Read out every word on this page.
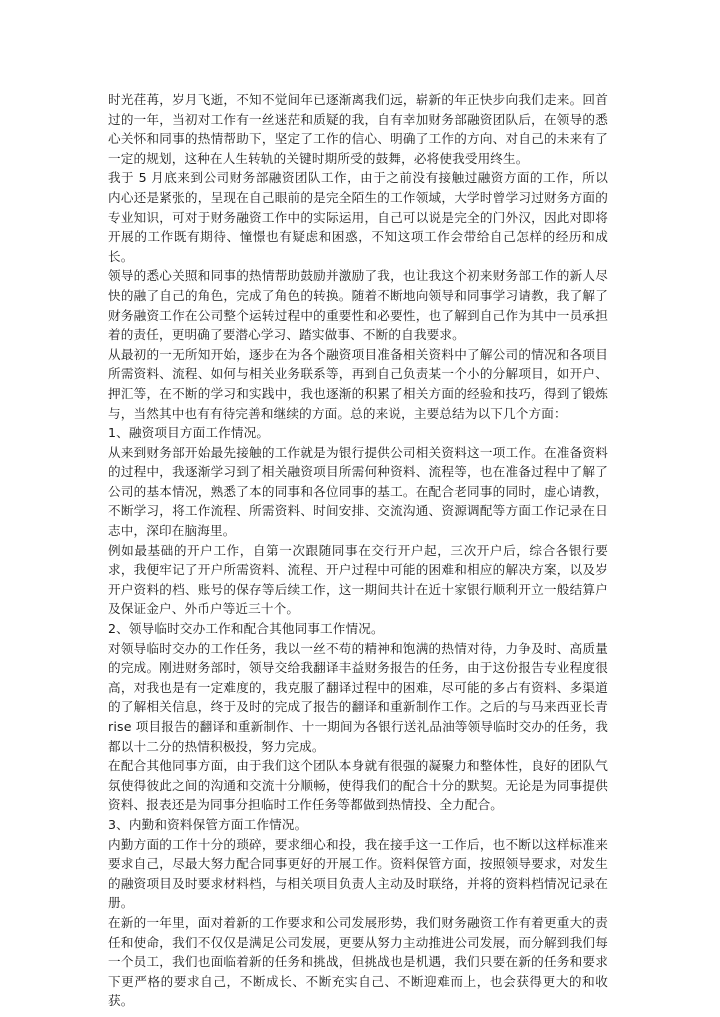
时光荏苒，岁月飞逝，不知不觉间年已逐渐离我们远，崭新的年正快步向我们走来。回首过的一年，当初对工作有一丝迷茫和质疑的我，自有幸加财务部融资团队后，在领导的悉心关怀和同事的热情帮助下，坚定了工作的信心、明确了工作的方向、对自己的未来有了一定的规划，这种在人生转轨的关键时期所受的鼓舞，必将使我受用终生。

我于 5 月底来到公司财务部融资团队工作，由于之前没有接触过融资方面的工作，所以内心还是紧张的，呈现在自己眼前的是完全陌生的工作领域，大学时曾学习过财务方面的专业知识，可对于财务融资工作中的实际运用，自己可以说是完全的门外汉，因此对即将开展的工作既有期待、憧憬也有疑虑和困惑，不知这项工作会带给自己怎样的经历和成长。

领导的悉心关照和同事的热情帮助鼓励并激励了我，也让我这个初来财务部工作的新人尽快的融了自己的角色，完成了角色的转换。随着不断地向领导和同事学习请教，我了解了财务融资工作在公司整个运转过程中的重要性和必要性，也了解到自己作为其中一员承担着的责任，更明确了要潜心学习、踏实做事、不断的自我要求。

从最初的一无所知开始，逐步在为各个融资项目准备相关资料中了解公司的情况和各项目所需资料、流程、如何与相关业务联系等，再到自己负责某一个小的分解项目，如开户、押汇等，在不断的学习和实践中，我也逐渐的积累了相关方面的经验和技巧，得到了锻炼与，当然其中也有有待完善和继续的方面。总的来说，主要总结为以下几个方面：

1、融资项目方面工作情况。

从来到财务部开始最先接触的工作就是为银行提供公司相关资料这一项工作。在准备资料的过程中，我逐渐学习到了相关融资项目所需何种资料、流程等，也在准备过程中了解了公司的基本情况，熟悉了本的同事和各位同事的基工。在配合老同事的同时，虚心请教，不断学习，将工作流程、所需资料、时间安排、交流沟通、资源调配等方面工作记录在日志中，深印在脑海里。

例如最基础的开户工作，自第一次跟随同事在交行开户起，三次开户后，综合各银行要求，我便牢记了开户所需资料、流程、开户过程中可能的困难和相应的解决方案，以及岁开户资料的档、账号的保存等后续工作，这一期间共计在近十家银行顺利开立一般结算户及保证金户、外币户等近三十个。

2、领导临时交办工作和配合其他同事工作情况。

对领导临时交办的工作任务，我以一丝不苟的精神和饱满的热情对待，力争及时、高质量的完成。刚进财务部时，领导交给我翻译丰益财务报告的任务，由于这份报告专业程度很高，对我也是有一定难度的，我克服了翻译过程中的困难，尽可能的多占有资料、多渠道的了解相关信息，终于及时的完成了报告的翻译和重新制作工作。之后的与马来西亚长青 rise 项目报告的翻译和重新制作、十一期间为各银行送礼品油等领导临时交办的任务，我都以十二分的热情积极投，努力完成。

在配合其他同事方面，由于我们这个团队本身就有很强的凝聚力和整体性，良好的团队气氛使得彼此之间的沟通和交流十分顺畅，使得我们的配合十分的默契。无论是为同事提供资料、报表还是为同事分担临时工作任务等都做到热情投、全力配合。

3、内勤和资料保管方面工作情况。

内勤方面的工作十分的琐碎，要求细心和投，我在接手这一工作后，也不断以这样标准来要求自己，尽最大努力配合同事更好的开展工作。资料保管方面，按照领导要求，对发生的融资项目及时要求材料档，与相关项目负责人主动及时联络，并将的资料档情况记录在册。

在新的一年里，面对着新的工作要求和公司发展形势，我们财务融资工作有着更重大的责任和使命，我们不仅仅是满足公司发展，更要从努力主动推进公司发展，而分解到我们每一个员工，我们也面临着新的任务和挑战，但挑战也是机遇，我们只要在新的任务和要求下更严格的要求自己，不断成长、不断充实自己、不断迎难而上，也会获得更大的和收获。
